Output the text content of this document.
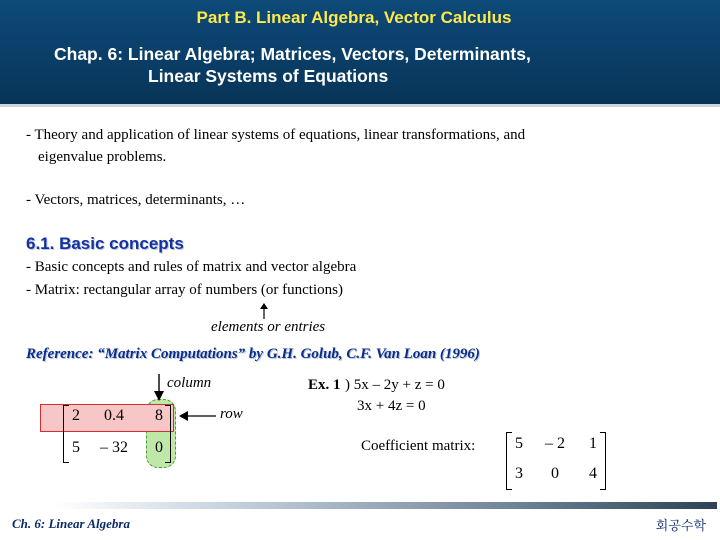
Part B. Linear Algebra, Vector Calculus
Chap. 6: Linear Algebra; Matrices, Vectors, Determinants,
Linear Systems of Equations
- Theory and application of linear systems of equations, linear transformations, and
eigenvalue problems.
- Vectors, matrices, determinants, …
6.1. Basic concepts
- Basic concepts and rules of matrix and vector algebra
- Matrix: rectangular array of numbers (or functions)
elements or entries
Reference: “Matrix Computations” by G.H. Golub, C.F. Van Loan (1996)
column
row
2 0.4 8
5 – 32 0
Ex. 1 ) 5x – 2y + z = 0
3x + 4z = 0
Coefficient matrix: 5 – 2 1
3 0 4
Ch. 6: Linear Algebra	회공수학
